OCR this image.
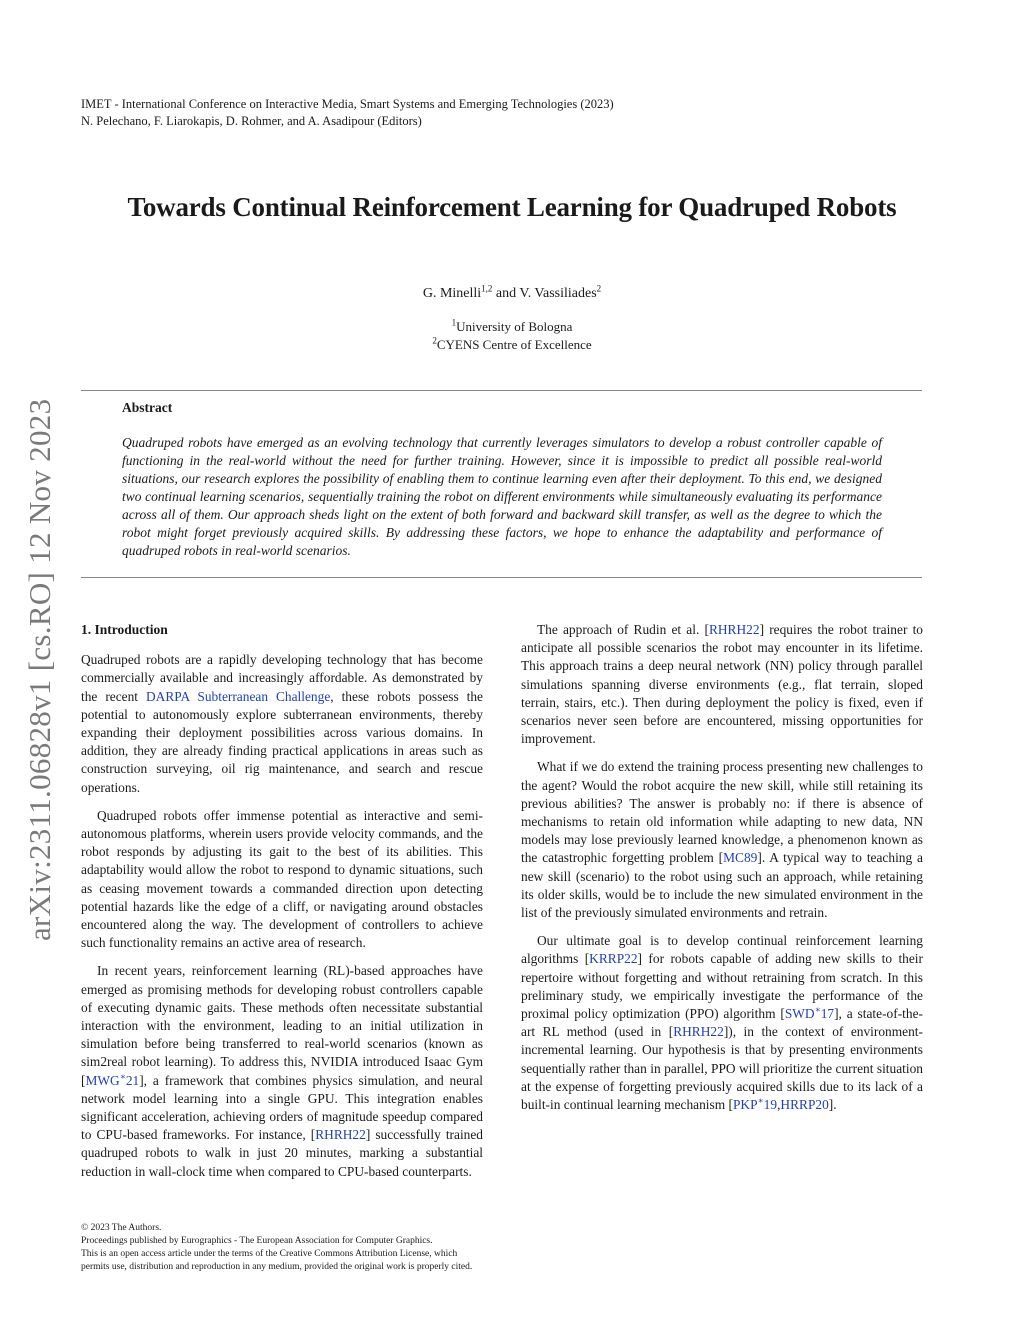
IMET - International Conference on Interactive Media, Smart Systems and Emerging Technologies (2023)
N. Pelechano, F. Liarokapis, D. Rohmer, and A. Asadipour (Editors)
Towards Continual Reinforcement Learning for Quadruped Robots
G. Minelli$^{1,2}$ and V. Vassiliades$^2$
$^1$University of Bologna
$^2$CYENS Centre of Excellence
Abstract
Quadruped robots have emerged as an evolving technology that currently leverages simulators to develop a robust controller capable of functioning in the real-world without the need for further training. However, since it is impossible to predict all possible real-world situations, our research explores the possibility of enabling them to continue learning even after their deployment. To this end, we designed two continual learning scenarios, sequentially training the robot on different environments while simultaneously evaluating its performance across all of them. Our approach sheds light on the extent of both forward and backward skill transfer, as well as the degree to which the robot might forget previously acquired skills. By addressing these factors, we hope to enhance the adaptability and performance of quadruped robots in real-world scenarios.
arXiv:2311.06828v1 [cs.RO] 12 Nov 2023 1. Introduction

Quadruped robots are a rapidly developing technology that has become commercially available and increasingly affordable. As demonstrated by the recent DARPA Subterranean Challenge, these robots possess the potential to autonomously explore subterranean environments, thereby expanding their deployment possibilities across various domains. In addition, they are already finding practical applications in areas such as construction surveying, oil rig maintenance, and search and rescue operations.

Quadruped robots offer immense potential as interactive and semi-autonomous platforms, wherein users provide velocity commands, and the robot responds by adjusting its gait to the best of its abilities. This adaptability would allow the robot to respond to dynamic situations, such as ceasing movement towards a commanded direction upon detecting potential hazards like the edge of a cliff, or navigating around obstacles encountered along the way. The development of controllers to achieve such functionality remains an active area of research.

In recent years, reinforcement learning (RL)-based approaches have emerged as promising methods for developing robust controllers capable of executing dynamic gaits. These methods often necessitate substantial interaction with the environment, leading to an initial utilization in simulation before being transferred to real-world scenarios (known as sim2real robot learning). To address this, NVIDIA introduced Isaac Gym [MWG∗21], a framework that combines physics simulation, and neural network model learning into a single GPU. This integration enables significant acceleration, achieving orders of magnitude speedup compared to CPU-based frameworks. For instance, [RHRH22] successfully trained quadruped robots to walk in just 20 minutes, marking a substantial reduction in wall-clock time when compared to CPU-based counterparts.

The approach of Rudin et al. [RHRH22] requires the robot trainer to anticipate all possible scenarios the robot may encounter in its lifetime. This approach trains a deep neural network (NN) policy through parallel simulations spanning diverse environments (e.g., flat terrain, sloped terrain, stairs, etc.). Then during deployment the policy is fixed, even if scenarios never seen before are encountered, missing opportunities for improvement.

What if we do extend the training process presenting new challenges to the agent? Would the robot acquire the new skill, while still retaining its previous abilities? The answer is probably no: if there is absence of mechanisms to retain old information while adapting to new data, NN models may lose previously learned knowledge, a phenomenon known as the catastrophic forgetting problem [MC89]. A typical way to teaching a new skill (scenario) to the robot using such an approach, while retaining its older skills, would be to include the new simulated environment in the list of the previously simulated environments and retrain.

Our ultimate goal is to develop continual reinforcement learning algorithms [KRRP22] for robots capable of adding new skills to their repertoire without forgetting and without retraining from scratch. In this preliminary study, we empirically investigate the performance of the proximal policy optimization (PPO) algorithm [SWD∗17], a state-of-the-art RL method (used in [RHRH22]), in the context of environment-incremental learning. Our hypothesis is that by presenting environments sequentially rather than in parallel, PPO will prioritize the current situation at the expense of forgetting previously acquired skills due to its lack of a built-in continual learning mechanism [PKP∗19,HRRP20].

© 2023 The Authors.
Proceedings published by Eurographics - The European Association for Computer Graphics.
This is an open access article under the terms of the Creative Commons Attribution License, which permits use, distribution and reproduction in any medium, provided the original work is properly cited.
